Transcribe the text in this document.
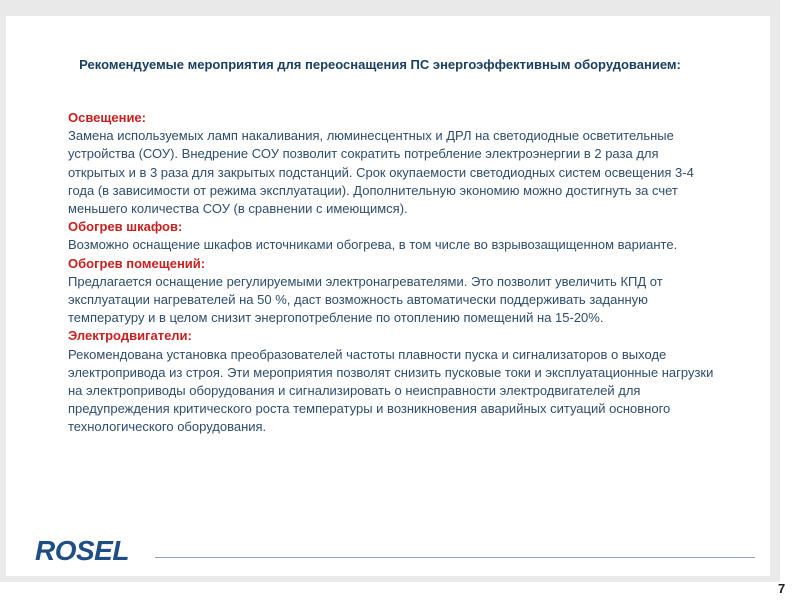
Рекомендуемые мероприятия для переоснащения ПС энергоэффективным оборудованием:

Освещение:

Замена используемых ламп накаливания, люминесцентных и ДРЛ на светодиодные осветительные устройства (СОУ). Внедрение СОУ позволит сократить потребление электроэнергии в 2 раза для открытых и в 3 раза для закрытых подстанций. Срок окупаемости светодиодных систем освещения 3-4 года (в зависимости от режима эксплуатации). Дополнительную экономию можно достигнуть за счет меньшего количества СОУ (в сравнении с имеющимся).

Обогрев шкафов:

Возможно оснащение шкафов источниками обогрева, в том числе во взрывозащищенном варианте.

Обогрев помещений:

Предлагается оснащение регулируемыми электронагревателями. Это позволит увеличить КПД от эксплуатации нагревателей на 50 %, даст возможность автоматически поддерживать заданную температуру и в целом снизит энергопотребление по отоплению помещений на 15-20%.

Электродвигатели:

Рекомендована установка преобразователей частоты плавности пуска и сигнализаторов о выходе электропривода из строя. Эти мероприятия позволят снизить пусковые токи и эксплуатационные нагрузки на электроприводы оборудования и сигнализировать о неисправности электродвигателей для предупреждения критического роста температуры и возникновения аварийных ситуаций основного технологического оборудования.

ROSEL
7
